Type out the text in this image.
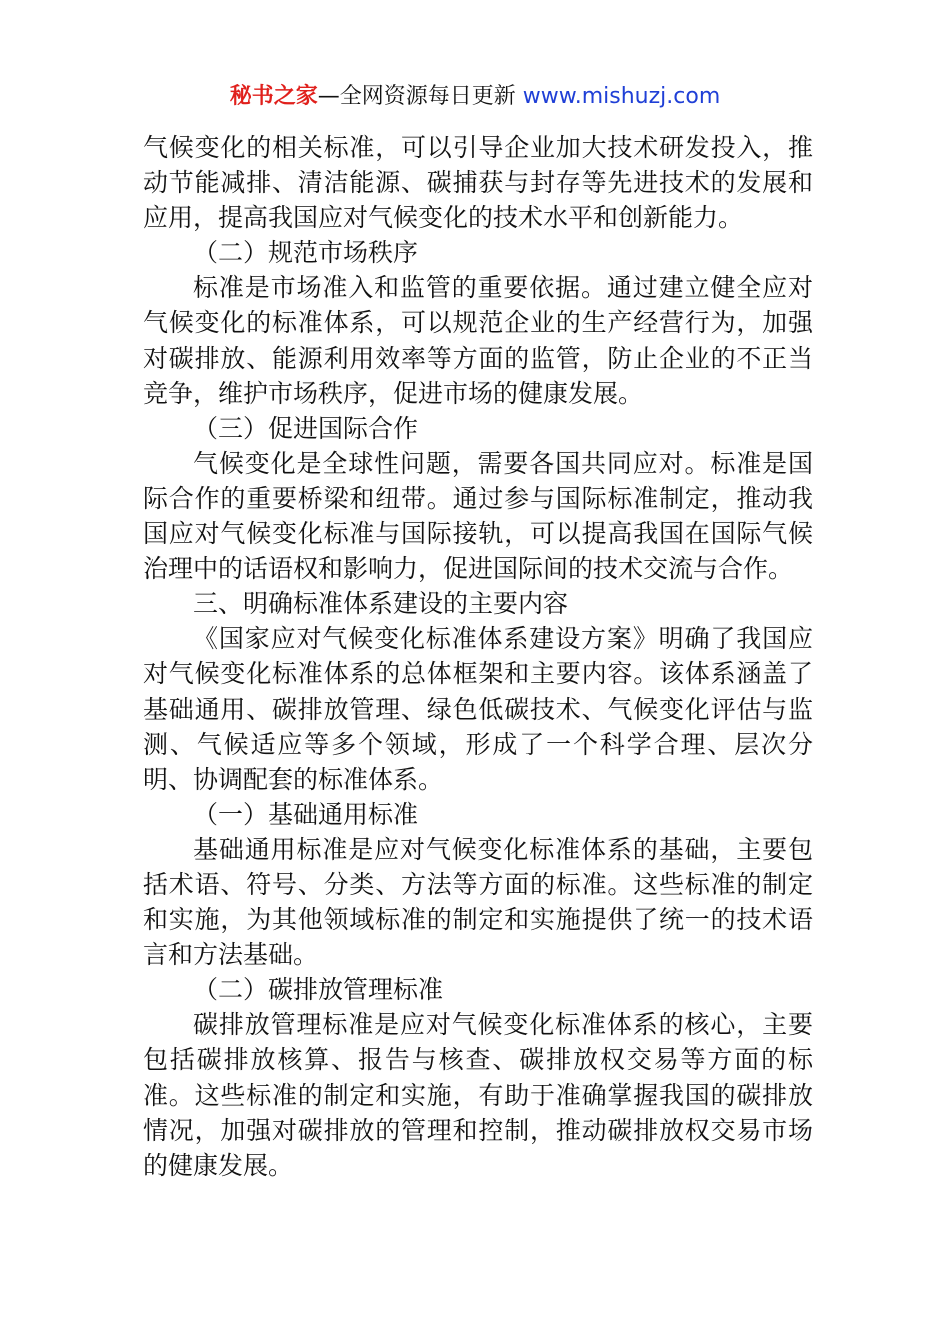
秘书之家—全网资源每日更新 www.mishuzj.com

气候变化的相关标准，可以引导企业加大技术研发投入，推动节能减排、清洁能源、碳捕获与封存等先进技术的发展和应用，提高我国应对气候变化的技术水平和创新能力。

（二）规范市场秩序

标准是市场准入和监管的重要依据。通过建立健全应对气候变化的标准体系，可以规范企业的生产经营行为，加强对碳排放、能源利用效率等方面的监管，防止企业的不正当竞争，维护市场秩序，促进市场的健康发展。

（三）促进国际合作

气候变化是全球性问题，需要各国共同应对。标准是国际合作的重要桥梁和纽带。通过参与国际标准制定，推动我国应对气候变化标准与国际接轨，可以提高我国在国际气候治理中的话语权和影响力，促进国际间的技术交流与合作。

三、明确标准体系建设的主要内容

《国家应对气候变化标准体系建设方案》明确了我国应对气候变化标准体系的总体框架和主要内容。该体系涵盖了基础通用、碳排放管理、绿色低碳技术、气候变化评估与监测、气候适应等多个领域，形成了一个科学合理、层次分明、协调配套的标准体系。

（一）基础通用标准

基础通用标准是应对气候变化标准体系的基础，主要包括术语、符号、分类、方法等方面的标准。这些标准的制定和实施，为其他领域标准的制定和实施提供了统一的技术语言和方法基础。

（二）碳排放管理标准

碳排放管理标准是应对气候变化标准体系的核心，主要包括碳排放核算、报告与核查、碳排放权交易等方面的标准。这些标准的制定和实施，有助于准确掌握我国的碳排放情况，加强对碳排放的管理和控制，推动碳排放权交易市场的健康发展。
